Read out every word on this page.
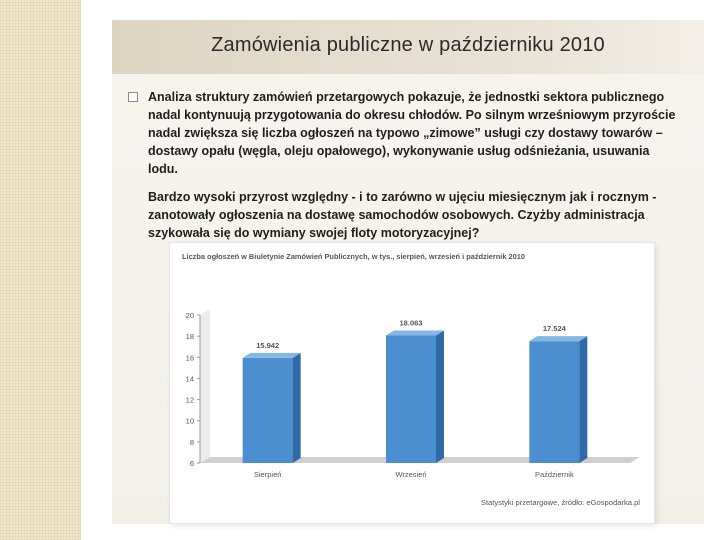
Zamówienia publiczne w październiku 2010

Analiza struktury zamówień przetargowych pokazuje, że jednostki sektora publicznego nadal kontynuują przygotowania do okresu chłodów. Po silnym wrześniowym przyroście nadal zwiększa się liczba ogłoszeń na typowo „zimowe” usługi czy dostawy towarów – dostawy opału (węgla, oleju opałowego), wykonywanie usług odśnieżania, usuwania lodu.

Bardzo wysoki przyrost względny - i to zarówno w ujęciu miesięcznym jak i rocznym - zanotowały ogłoszenia na dostawę samochodów osobowych. Czyżby administracja szykowała się do wymiany swojej floty motoryzacyjnej?

Liczba ogłoszeń w Biuletynie Zamówień Publicznych, w tys., sierpień, wrzesień i październik 2010
6
8
10
12
14
16
18
20
15.942
Sierpień
18.063
Wrzesień
17.524
Październik
Statystyki przetargowe, źródło: eGospodarka.pl
